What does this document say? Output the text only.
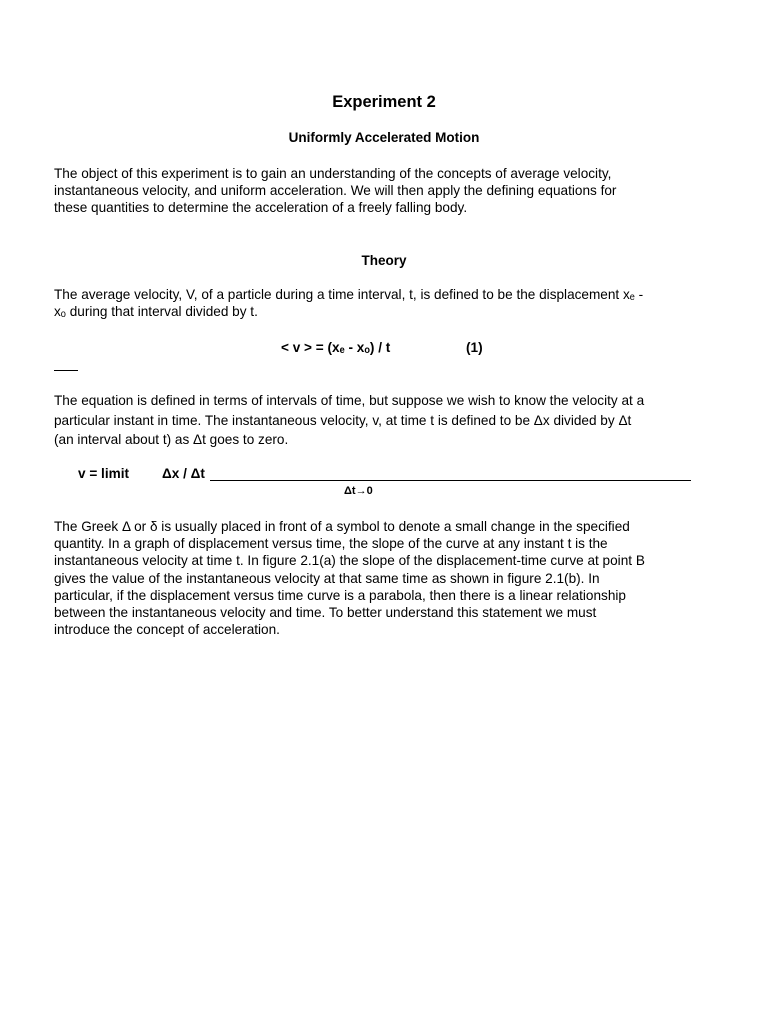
Experiment 2
Uniformly Accelerated Motion
The object of this experiment is to gain an understanding of the concepts of average velocity,
instantaneous velocity, and uniform acceleration. We will then apply the defining equations for
these quantities to determine the acceleration of a freely falling body.
Theory
The average velocity, V, of a particle during a time interval, t, is defined to be the displacement xₑ -
xₒ during that interval divided by t.
< v > = (xₑ - xₒ) / t	(1)
The equation is defined in terms of intervals of time, but suppose we wish to know the velocity at a
particular instant in time. The instantaneous velocity, v, at time t is defined to be Δx divided by Δt
(an interval about t) as Δt goes to zero.
v = limit Δx / Δt
Δt→0
The Greek Δ or δ is usually placed in front of a symbol to denote a small change in the specified
quantity. In a graph of displacement versus time, the slope of the curve at any instant t is the
instantaneous velocity at time t. In figure 2.1(a) the slope of the displacement-time curve at point B
gives the value of the instantaneous velocity at that same time as shown in figure 2.1(b). In
particular, if the displacement versus time curve is a parabola, then there is a linear relationship
between the instantaneous velocity and time. To better understand this statement we must
introduce the concept of acceleration.
